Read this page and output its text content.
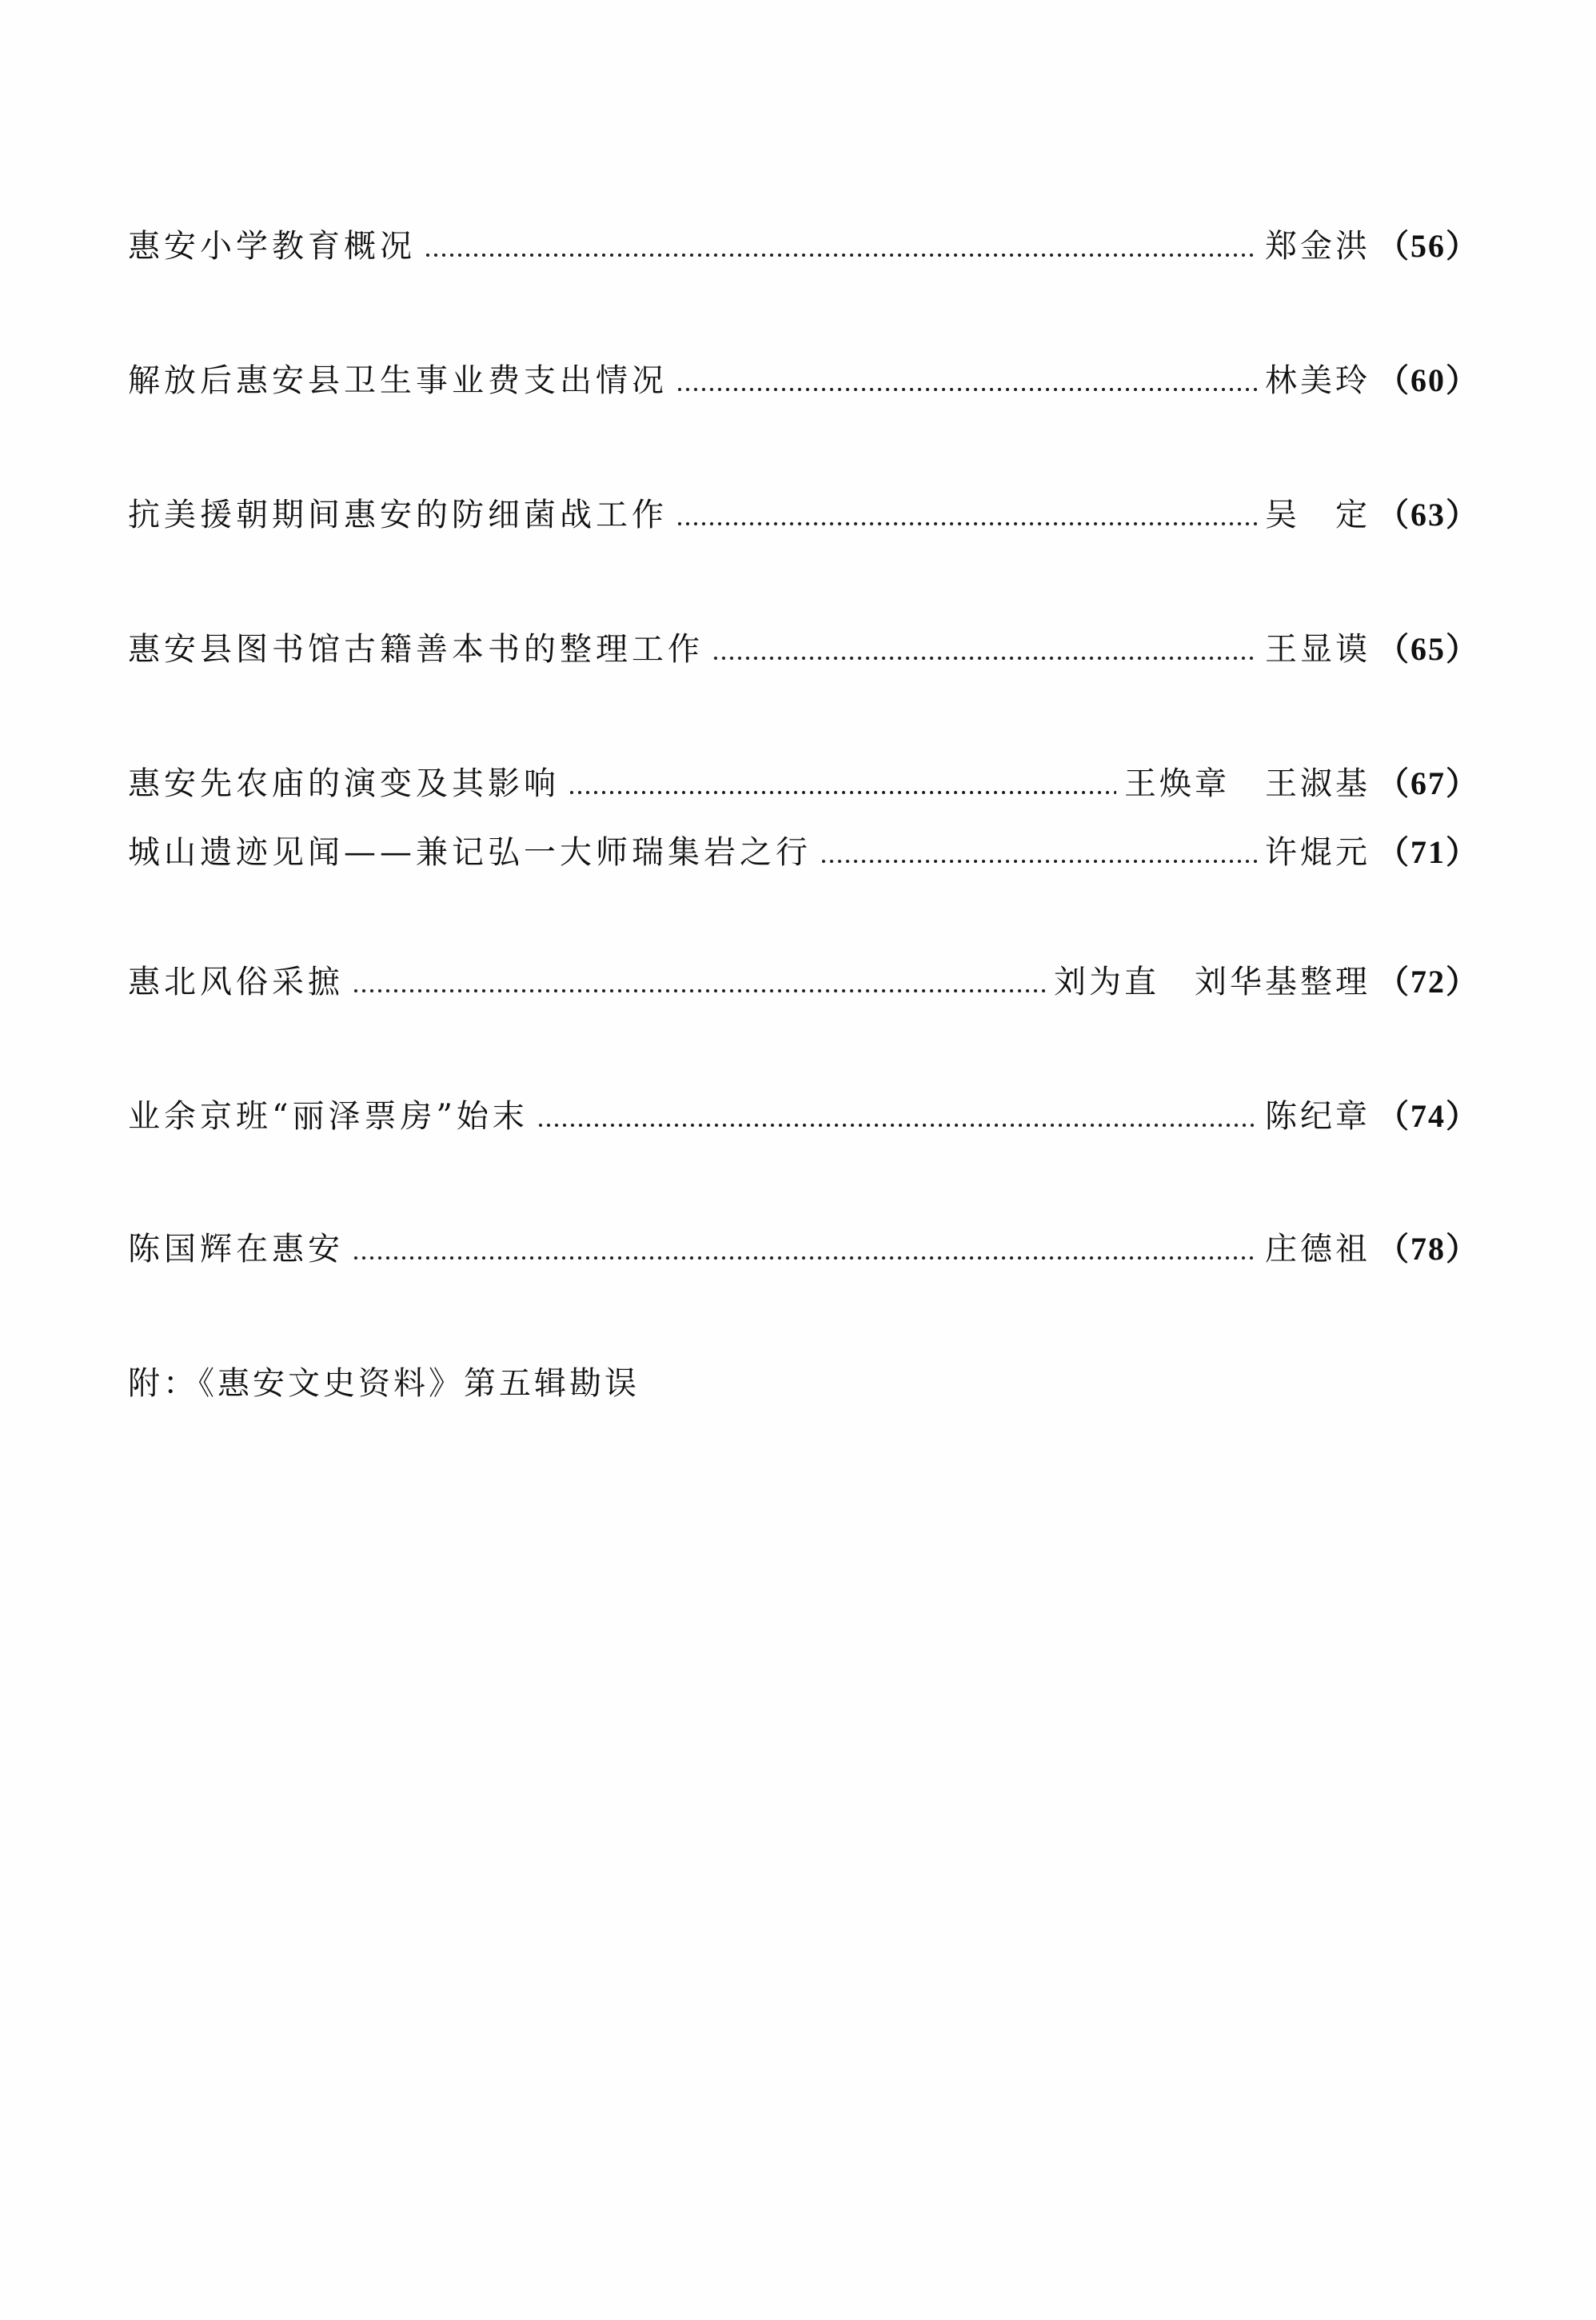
惠安小学教育概况	郑金洪 （56）
解放后惠安县卫生事业费支出情况	林美玲 （60）
抗美援朝期间惠安的防细菌战工作	吴　定 （63）
惠安县图书馆古籍善本书的整理工作	王显谟 （65）
惠安先农庙的演变及其影响	王焕章　王淑基 （67）
城山遗迹见闻——兼记弘一大师瑞集岩之行	许焜元 （71）
惠北风俗采摭	刘为直　刘华基整理 （72）
业余京班“丽泽票房”始末	陈纪章 （74）
陈国辉在惠安	庄德祖 （78）
附：《惠安文史资料》第五辑勘误
